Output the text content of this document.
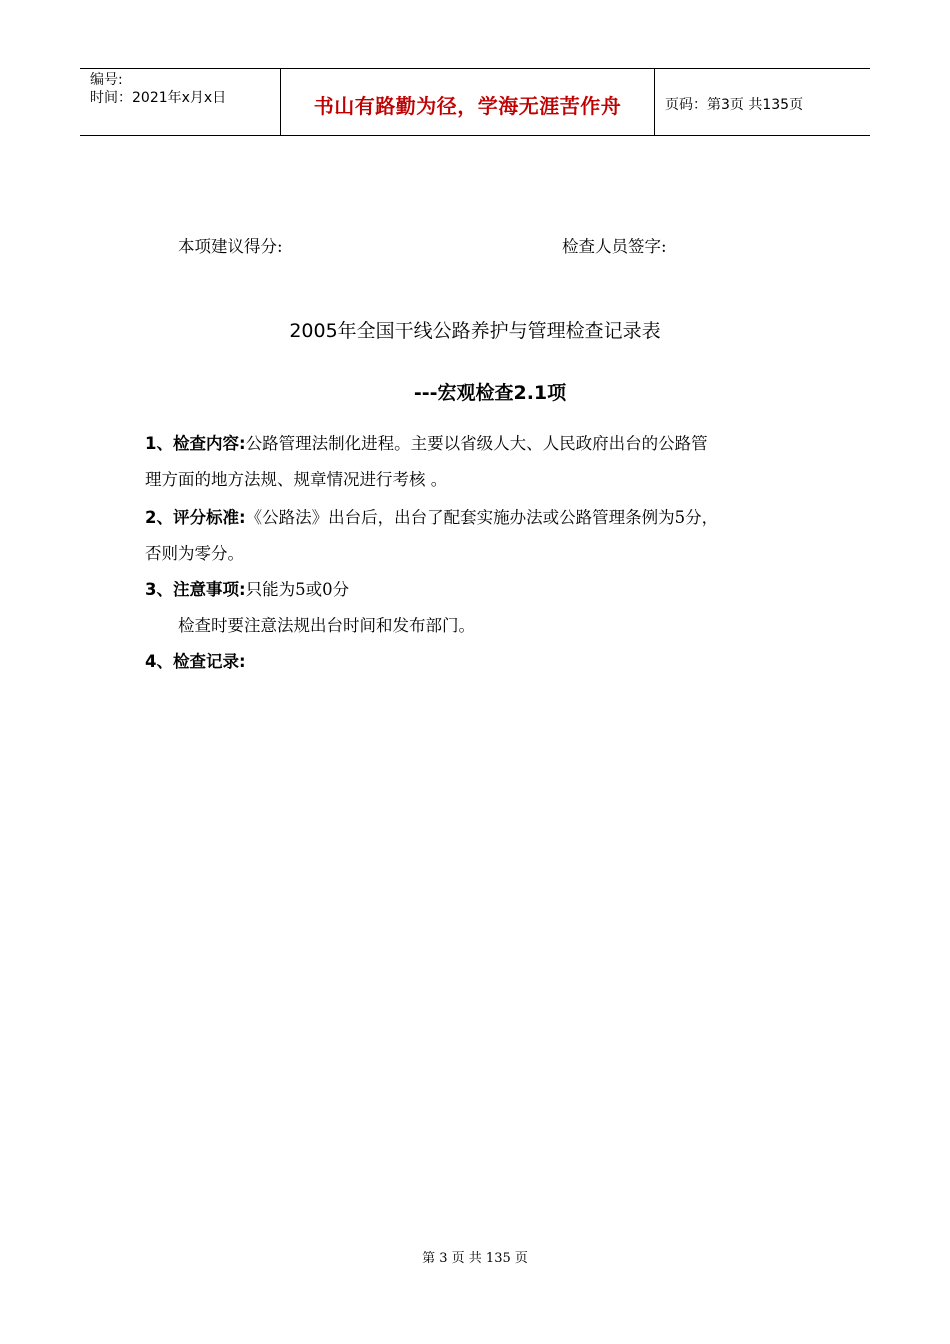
编号:
时间：2021年x月x日	书山有路勤为径，学海无涯苦作舟	页码：第3页 共135页
本项建议得分:	检查人员签字:
2005年全国干线公路养护与管理检查记录表
---宏观检查2.1项
1、检查内容:公路管理法制化进程。主要以省级人大、人民政府出台的公路管
理方面的地方法规、规章情况进行考核 。
2、评分标准:《公路法》出台后，出台了配套实施办法或公路管理条例为5分，
否则为零分。
3、注意事项:只能为5或0分
检查时要注意法规出台时间和发布部门。
4、检查记录:
第 3 页 共 135 页
